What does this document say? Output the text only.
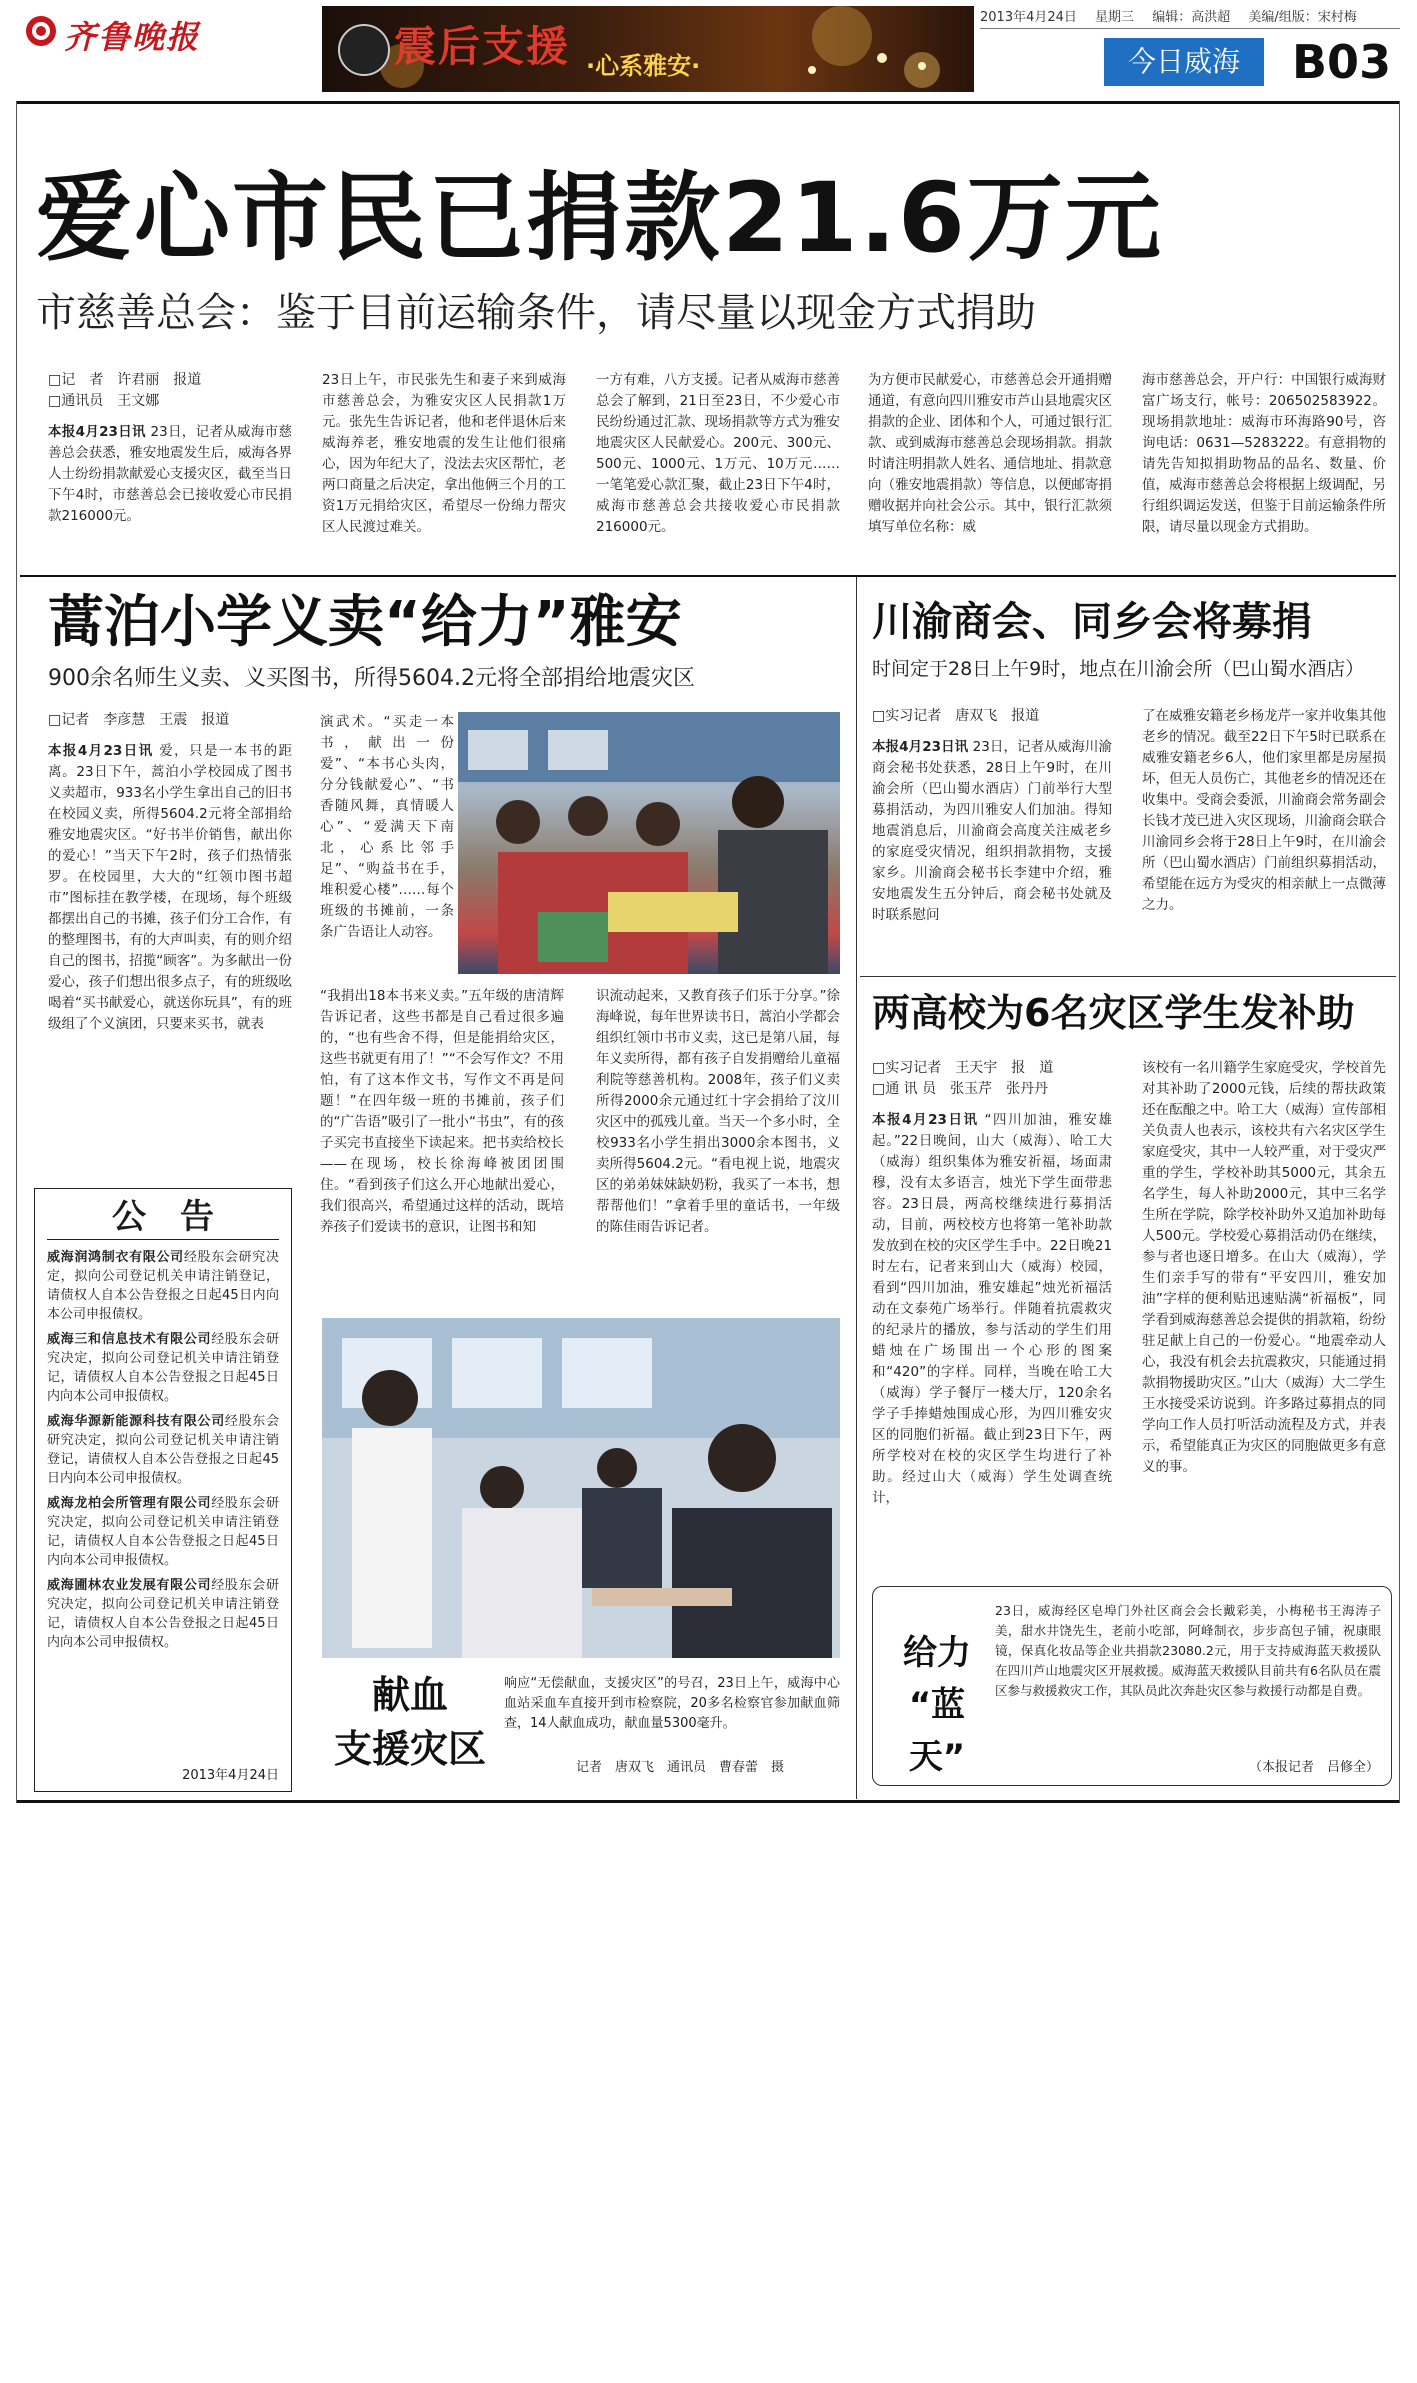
齐鲁晚报	震后支援 ·心系雅安·
2013年4月24日 星期三 编辑：高洪超 美编/组版：宋村梅
今日威海	B03
爱心市民已捐款21.6万元
市慈善总会：鉴于目前运输条件，请尽量以现金方式捐助
□记　者　许君丽　报道
□通讯员　王文娜
本报4月23日讯 23日，记者从威海市慈善总会获悉，雅安地震发生后，威海各界人士纷纷捐款献爱心支援灾区，截至当日下午4时，市慈善总会已接收爱心市民捐款216000元。
23日上午，市民张先生和妻子来到威海市慈善总会，为雅安灾区人民捐款1万元。张先生告诉记者，他和老伴退休后来威海养老，雅安地震的发生让他们很痛心，因为年纪大了，没法去灾区帮忙，老两口商量之后决定，拿出他俩三个月的工资1万元捐给灾区，希望尽一份绵力帮灾区人民渡过难关。
一方有难，八方支援。记者从威海市慈善总会了解到，21日至23日，不少爱心市民纷纷通过汇款、现场捐款等方式为雅安地震灾区人民献爱心。200元、300元、500元、1000元、1万元、10万元……一笔笔爱心款汇聚，截止23日下午4时，威海市慈善总会共接收爱心市民捐款216000元。
为方便市民献爱心，市慈善总会开通捐赠通道，有意向四川雅安市芦山县地震灾区捐款的企业、团体和个人，可通过银行汇款、或到威海市慈善总会现场捐款。捐款时请注明捐款人姓名、通信地址、捐款意向（雅安地震捐款）等信息，以便邮寄捐赠收据并向社会公示。其中，银行汇款须填写单位名称：威
海市慈善总会，开户行：中国银行威海财富广场支行，帐号：206502583922。现场捐款地址：威海市环海路90号，咨询电话：0631—5283222。有意捐物的请先告知拟捐助物品的品名、数量、价值，威海市慈善总会将根据上级调配，另行组织调运发送，但鉴于目前运输条件所限，请尽量以现金方式捐助。
蒿泊小学义卖“给力”雅安
900余名师生义卖、义买图书，所得5604.2元将全部捐给地震灾区
□记者　李彦慧　王震　报道
本报4月23日讯 爱，只是一本书的距离。23日下午，蒿泊小学校园成了图书义卖超市，933名小学生拿出自己的旧书在校园义卖，所得5604.2元将全部捐给雅安地震灾区。“好书半价销售，献出你的爱心！”当天下午2时，孩子们热情张罗。在校园里，大大的“红领巾图书超市”图标挂在教学楼，在现场，每个班级都摆出自己的书摊，孩子们分工合作，有的整理图书，有的大声叫卖，有的则介绍自己的图书，招揽“顾客”。为多献出一份爱心，孩子们想出很多点子，有的班级吆喝着“买书献爱心，就送你玩具”，有的班级组了个义演团，只要来买书，就表
演武术。“买走一本书，献出一份爱”、“本书心头肉，分分钱献爱心”、“书香随风舞，真情暖人心”、“爱满天下南北，心系比邻手足”、“购益书在手，堆积爱心楼”……每个班级的书摊前，一条条广告语让人动容。
“我捐出18本书来义卖。”五年级的唐清辉告诉记者，这些书都是自己看过很多遍的，“也有些舍不得，但是能捐给灾区，这些书就更有用了！”“不会写作文？不用怕，有了这本作文书，写作文不再是问题！”在四年级一班的书摊前，孩子们的“广告语”吸引了一批小“书虫”，有的孩子买完书直接坐下读起来。把书卖给校长——在现场，校长徐海峰被团团围住。“看到孩子们这么开心地献出爱心，我们很高兴，希望通过这样的活动，既培养孩子们爱读书的意识，让图书和知
识流动起来，又教育孩子们乐于分享。”徐海峰说，每年世界读书日，蒿泊小学都会组织红领巾书市义卖，这已是第八届，每年义卖所得，都有孩子自发捐赠给儿童福利院等慈善机构。2008年，孩子们义卖所得2000余元通过红十字会捐给了汶川灾区中的孤残儿童。当天一个多小时，全校933名小学生捐出3000余本图书，义卖所得5604.2元。“看电视上说，地震灾区的弟弟妹妹缺奶粉，我买了一本书，想帮帮他们！”拿着手里的童话书，一年级的陈佳雨告诉记者。
公　告
威海润鸿制衣有限公司经股东会研究决定，拟向公司登记机关申请注销登记，请债权人自本公告登报之日起45日内向本公司申报债权。
威海三和信息技术有限公司经股东会研究决定，拟向公司登记机关申请注销登记，请债权人自本公告登报之日起45日内向本公司申报债权。
威海华源新能源科技有限公司经股东会研究决定，拟向公司登记机关申请注销登记，请债权人自本公告登报之日起45日内向本公司申报债权。
威海龙柏会所管理有限公司经股东会研究决定，拟向公司登记机关申请注销登记，请债权人自本公告登报之日起45日内向本公司申报债权。
威海圃林农业发展有限公司经股东会研究决定，拟向公司登记机关申请注销登记，请债权人自本公告登报之日起45日内向本公司申报债权。
2013年4月24日
献血
支援灾区
响应“无偿献血，支援灾区”的号召，23日上午，威海中心血站采血车直接开到市检察院，20多名检察官参加献血筛查，14人献血成功，献血量5300毫升。
记者　唐双飞　通讯员　曹春蕾　摄
川渝商会、同乡会将募捐
时间定于28日上午9时，地点在川渝会所（巴山蜀水酒店）
□实习记者　唐双飞　报道
本报4月23日讯 23日，记者从威海川渝商会秘书处获悉，28日上午9时，在川渝会所（巴山蜀水酒店）门前举行大型募捐活动，为四川雅安人们加油。得知地震消息后，川渝商会高度关注威老乡的家庭受灾情况，组织捐款捐物，支援家乡。川渝商会秘书长李建中介绍，雅安地震发生五分钟后，商会秘书处就及时联系慰问
了在威雅安籍老乡杨龙芹一家并收集其他老乡的情况。截至22日下午5时已联系在威雅安籍老乡6人，他们家里都是房屋损坏，但无人员伤亡，其他老乡的情况还在收集中。受商会委派，川渝商会常务副会长钱才茂已进入灾区现场，川渝商会联合川渝同乡会将于28日上午9时，在川渝会所（巴山蜀水酒店）门前组织募捐活动，希望能在远方为受灾的相亲献上一点微薄之力。
两高校为6名灾区学生发补助
□实习记者　王天宇　报　道
□通 讯 员　张玉芹　张丹丹
本报4月23日讯 “四川加油，雅安雄起。”22日晚间，山大（威海）、哈工大（威海）组织集体为雅安祈福，场面肃穆，没有太多语言，烛光下学生面带悲容。23日晨，两高校继续进行募捐活动，目前，两校校方也将第一笔补助款发放到在校的灾区学生手中。22日晚21时左右，记者来到山大（威海）校园，看到“四川加油，雅安雄起”烛光祈福活动在文泰苑广场举行。伴随着抗震救灾的纪录片的播放，参与活动的学生们用蜡烛在广场围出一个心形的图案和“420”的字样。同样，当晚在哈工大（威海）学子餐厅一楼大厅，120余名学子手捧蜡烛围成心形，为四川雅安灾区的同胞们祈福。截止到23日下午，两所学校对在校的灾区学生均进行了补助。经过山大（威海）学生处调查统计，
该校有一名川籍学生家庭受灾，学校首先对其补助了2000元钱，后续的帮扶政策还在酝酿之中。哈工大（威海）宣传部相关负责人也表示，该校共有六名灾区学生家庭受灾，其中一人较严重，对于受灾严重的学生，学校补助其5000元，其余五名学生，每人补助2000元，其中三名学生所在学院，除学校补助外又追加补助每人500元。学校爱心募捐活动仍在继续，参与者也逐日增多。在山大（威海），学生们亲手写的带有“平安四川，雅安加油”字样的便利贴迅速贴满“祈福板”，同学看到威海慈善总会提供的捐款箱，纷纷驻足献上自己的一份爱心。“地震牵动人心，我没有机会去抗震救灾，只能通过捐款捐物援助灾区。”山大（威海）大二学生王水接受采访说到。许多路过募捐点的同学向工作人员打听活动流程及方式，并表示，希望能真正为灾区的同胞做更多有意义的事。
给力
“蓝天”
23日，威海经区皂埠门外社区商会会长戴彩美，小梅秘书王海涛子美，甜水井饶先生，老前小吃部，阿峰制衣，步步高包子铺，祝康眼镜，保真化妆品等企业共捐款23080.2元，用于支持威海蓝天救援队在四川芦山地震灾区开展救援。威海蓝天救援队目前共有6名队员在震区参与救援救灾工作，其队员此次奔赴灾区参与救援行动都是自费。
（本报记者　吕修全）
